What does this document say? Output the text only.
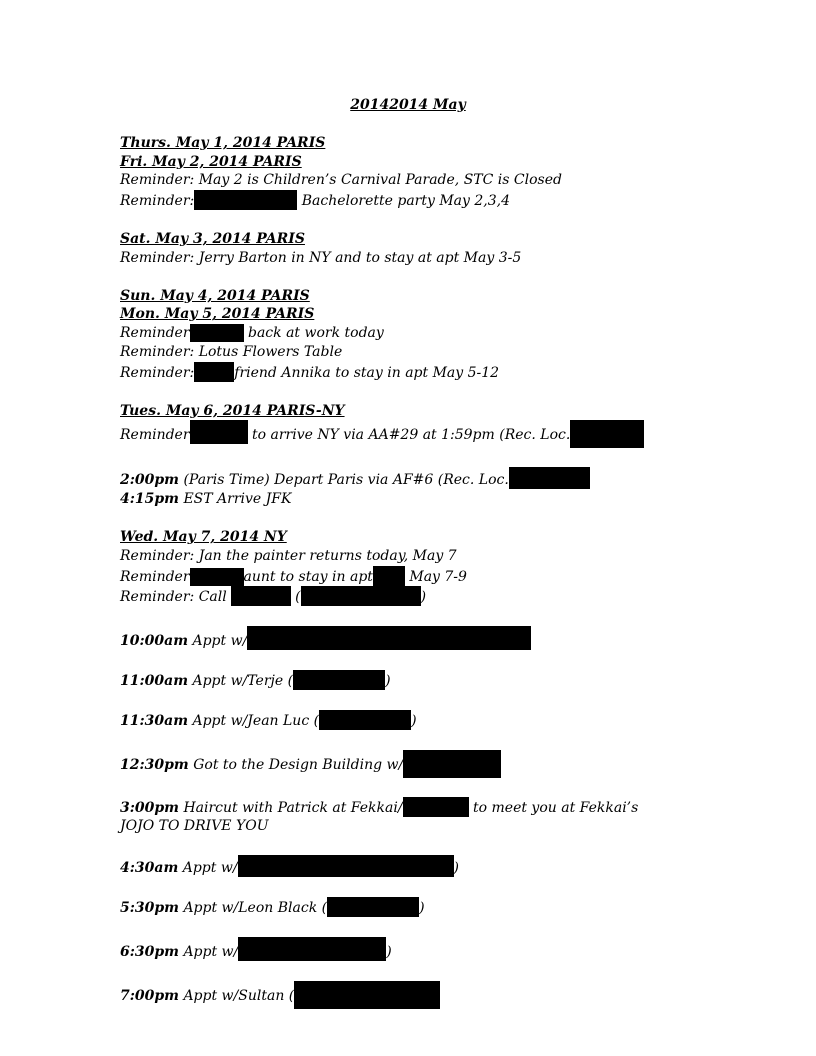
20142014 May
Thurs. May 1, 2014 PARIS
Fri. May 2, 2014 PARIS
Reminder: May 2 is Children’s Carnival Parade, STC is Closed
Reminder:	Bachelorette party May 2,3,4
Sat. May 3, 2014 PARIS
Reminder: Jerry Barton in NY and to stay at apt May 3-5
Sun. May 4, 2014 PARIS
Mon. May 5, 2014 PARIS
Reminder	back at work today
Reminder: Lotus Flowers Table
Reminder:	friend Annika to stay in apt May 5-12
Tues. May 6, 2014 PARIS-NY
Reminder	to arrive NY via AA#29 at 1:59pm (Rec. Loc.
2:00pm (Paris Time) Depart Paris via AF#6 (Rec. Loc.
4:15pm EST Arrive JFK
Wed. May 7, 2014 NY
Reminder: Jan the painter returns today, May 7
Reminder	aunt to stay in apt May 7-9
Reminder: Call	(	)
10:00am Appt w/
11:00am Appt w/Terje (	)
11:30am Appt w/Jean Luc (	)
12:30pm Got to the Design Building w/
3:00pm Haircut with Patrick at Fekkai/	to meet you at Fekkai’s
JOJO TO DRIVE YOU
4:30am Appt w/	)
5:30pm Appt w/Leon Black (	)
6:30pm Appt w/	)
7:00pm Appt w/Sultan (
